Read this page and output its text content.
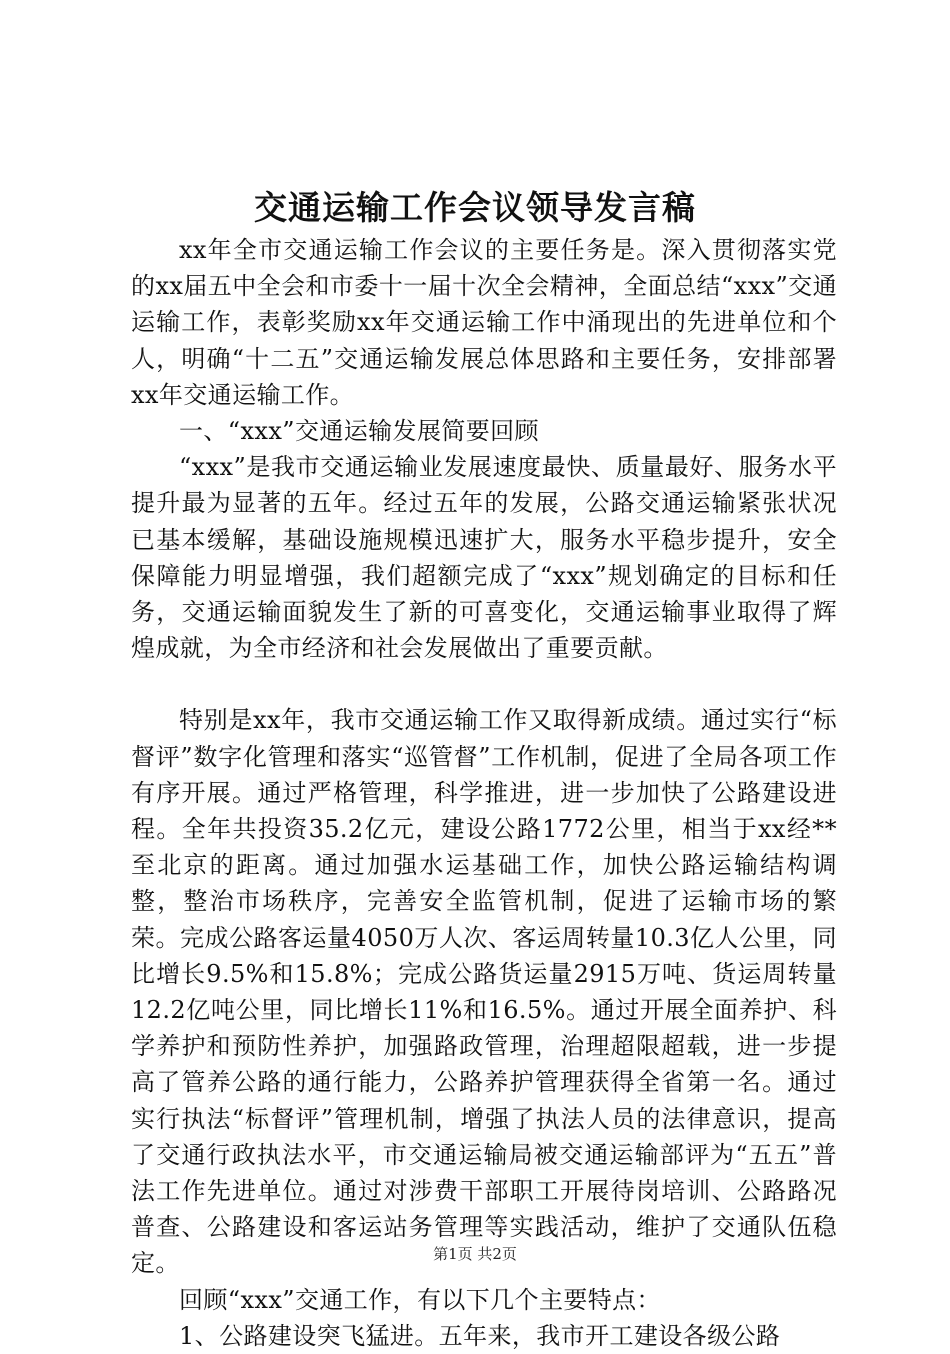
交通运输工作会议领导发言稿

xx年全市交通运输工作会议的主要任务是。深入贯彻落实党的xx届五中全会和市委十一届十次全会精神，全面总结“xxx”交通运输工作，表彰奖励xx年交通运输工作中涌现出的先进单位和个人，明确“十二五”交通运输发展总体思路和主要任务，安排部署xx年交通运输工作。

一、“xxx”交通运输发展简要回顾

“xxx”是我市交通运输业发展速度最快、质量最好、服务水平提升最为显著的五年。经过五年的发展，公路交通运输紧张状况已基本缓解，基础设施规模迅速扩大，服务水平稳步提升，安全保障能力明显增强，我们超额完成了“xxx”规划确定的目标和任务，交通运输面貌发生了新的可喜变化，交通运输事业取得了辉煌成就，为全市经济和社会发展做出了重要贡献。

特别是xx年，我市交通运输工作又取得新成绩。通过实行“标督评”数字化管理和落实“巡管督”工作机制，促进了全局各项工作有序开展。通过严格管理，科学推进，进一步加快了公路建设进程。全年共投资35.2亿元，建设公路1772公里，相当于xx经**至北京的距离。通过加强水运基础工作，加快公路运输结构调整，整治市场秩序，完善安全监管机制，促进了运输市场的繁荣。完成公路客运量4050万人次、客运周转量10.3亿人公里，同比增长9.5%和15.8%；完成公路货运量2915万吨、货运周转量12.2亿吨公里，同比增长11%和16.5%。通过开展全面养护、科学养护和预防性养护，加强路政管理，治理超限超载，进一步提高了管养公路的通行能力，公路养护管理获得全省第一名。通过实行执法“标督评”管理机制，增强了执法人员的法律意识，提高了交通行政执法水平，市交通运输局被交通运输部评为“五五”普法工作先进单位。通过对涉费干部职工开展待岗培训、公路路况普查、公路建设和客运站务管理等实践活动，维护了交通队伍稳定。

回顾“xxx”交通工作，有以下几个主要特点：

1、公路建设突飞猛进。五年来，我市开工建设各级公路

第1页 共2页
